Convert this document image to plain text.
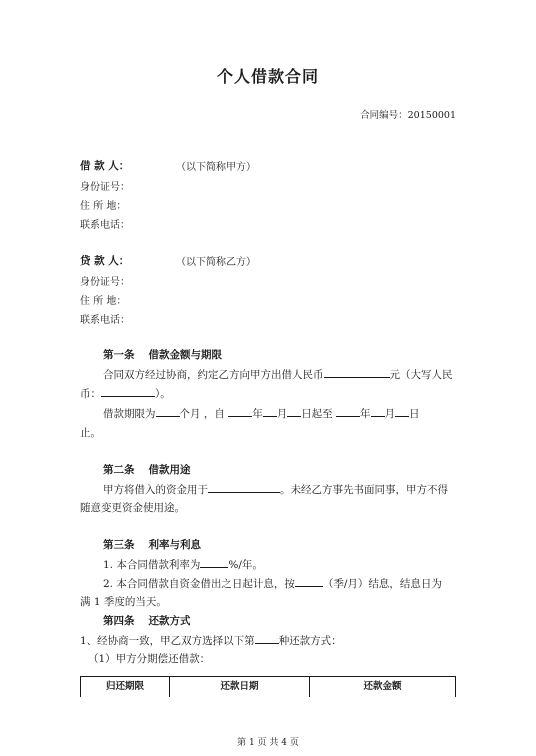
个人借款合同
合同编号：20150001
借 款 人：	（以下简称甲方）
身份证号：
住 所 地：
联系电话：
贷 款 人：	（以下简称乙方）
身份证号：
住 所 地：
联系电话：
第一条 借款金额与期限
合同双方经过协商，约定乙方向甲方出借人民币	元（大写人民
币：	）。
借款期限为 个月 ，自	年 月 日起至	年 月 日
止。
第二条 借款用途
甲方将借入的资金用于	。未经乙方事先书面同事，甲方不得
随意变更资金使用途。
第三条 利率与利息
1. 本合同借款利率为	%/年。
2. 本合同借款自资金借出之日起计息，按	（季/月）结息，结息日为
满 1 季度的当天。
第四条 还款方式
1、经协商一致，甲乙双方选择以下第 种还款方式：
（1）甲方分期偿还借款：
归还期限	还款日期	还款金额
第 1 页 共 4 页
